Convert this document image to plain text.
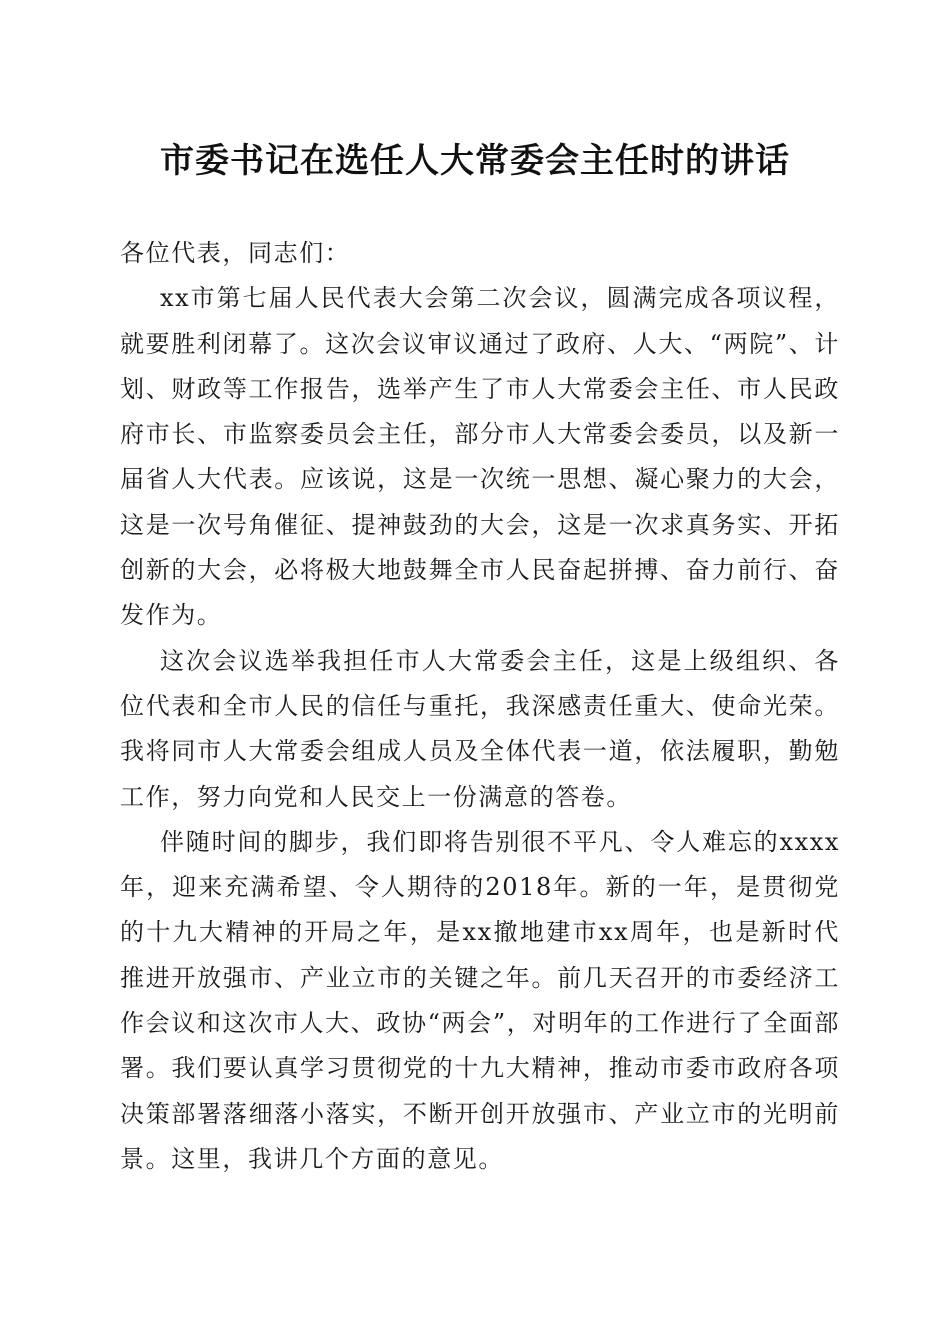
市委书记在选任人大常委会主任时的讲话

各位代表，同志们：

xx市第七届人民代表大会第二次会议，圆满完成各项议程，就要胜利闭幕了。这次会议审议通过了政府、人大、“两院”、计划、财政等工作报告，选举产生了市人大常委会主任、市人民政府市长、市监察委员会主任，部分市人大常委会委员，以及新一届省人大代表。应该说，这是一次统一思想、凝心聚力的大会，这是一次号角催征、提神鼓劲的大会，这是一次求真务实、开拓创新的大会，必将极大地鼓舞全市人民奋起拼搏、奋力前行、奋发作为。

这次会议选举我担任市人大常委会主任，这是上级组织、各位代表和全市人民的信任与重托，我深感责任重大、使命光荣。我将同市人大常委会组成人员及全体代表一道，依法履职，勤勉工作，努力向党和人民交上一份满意的答卷。

伴随时间的脚步，我们即将告别很不平凡、令人难忘的xxxx年，迎来充满希望、令人期待的2018年。新的一年，是贯彻党的十九大精神的开局之年，是xx撤地建市xx周年，也是新时代推进开放强市、产业立市的关键之年。前几天召开的市委经济工作会议和这次市人大、政协“两会”，对明年的工作进行了全面部署。我们要认真学习贯彻党的十九大精神，推动市委市政府各项决策部署落细落小落实，不断开创开放强市、产业立市的光明前景。这里，我讲几个方面的意见。
